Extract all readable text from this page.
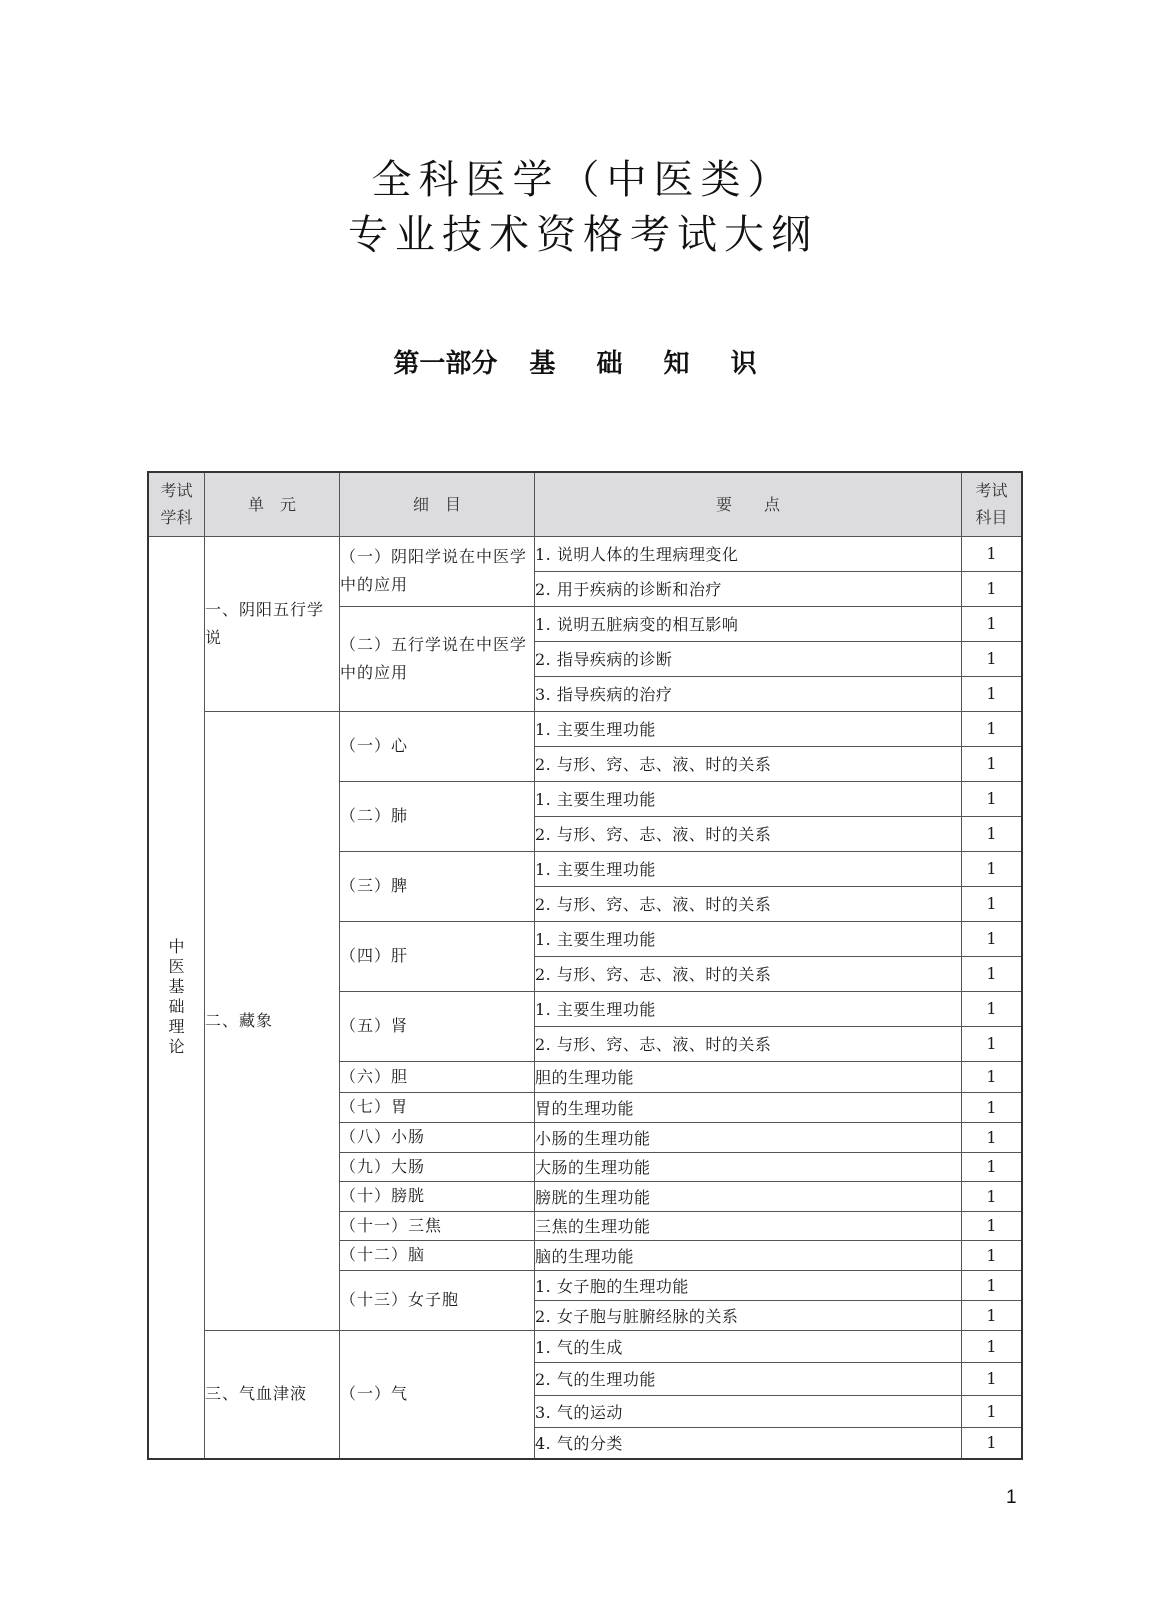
全科医学（中医类）
专业技术资格考试大纲
第一部分 基 础 知 识
考试学科	单　元	细　目	要　　点	考试科目
中医基础理论	一、阴阳五行学说	（一）阴阳学说在中医学中的应用	1. 说明人体的生理病理变化	1
			2. 用于疾病的诊断和治疗	1
		（二）五行学说在中医学中的应用	1. 说明五脏病变的相互影响	1
			2. 指导疾病的诊断	1
			3. 指导疾病的治疗	1
	二、藏象	（一）心	1. 主要生理功能	1
			2. 与形、窍、志、液、时的关系	1
		（二）肺	1. 主要生理功能	1
			2. 与形、窍、志、液、时的关系	1
		（三）脾	1. 主要生理功能	1
			2. 与形、窍、志、液、时的关系	1
		（四）肝	1. 主要生理功能	1
			2. 与形、窍、志、液、时的关系	1
		（五）肾	1. 主要生理功能	1
			2. 与形、窍、志、液、时的关系	1
		（六）胆	胆的生理功能	1
		（七）胃	胃的生理功能	1
		（八）小肠	小肠的生理功能	1
		（九）大肠	大肠的生理功能	1
		（十）膀胱	膀胱的生理功能	1
		（十一）三焦	三焦的生理功能	1
		（十二）脑	脑的生理功能	1
		（十三）女子胞	1. 女子胞的生理功能	1
			2. 女子胞与脏腑经脉的关系	1
	三、气血津液	（一）气	1. 气的生成	1
			2. 气的生理功能	1
			3. 气的运动	1
			4. 气的分类	1
1
